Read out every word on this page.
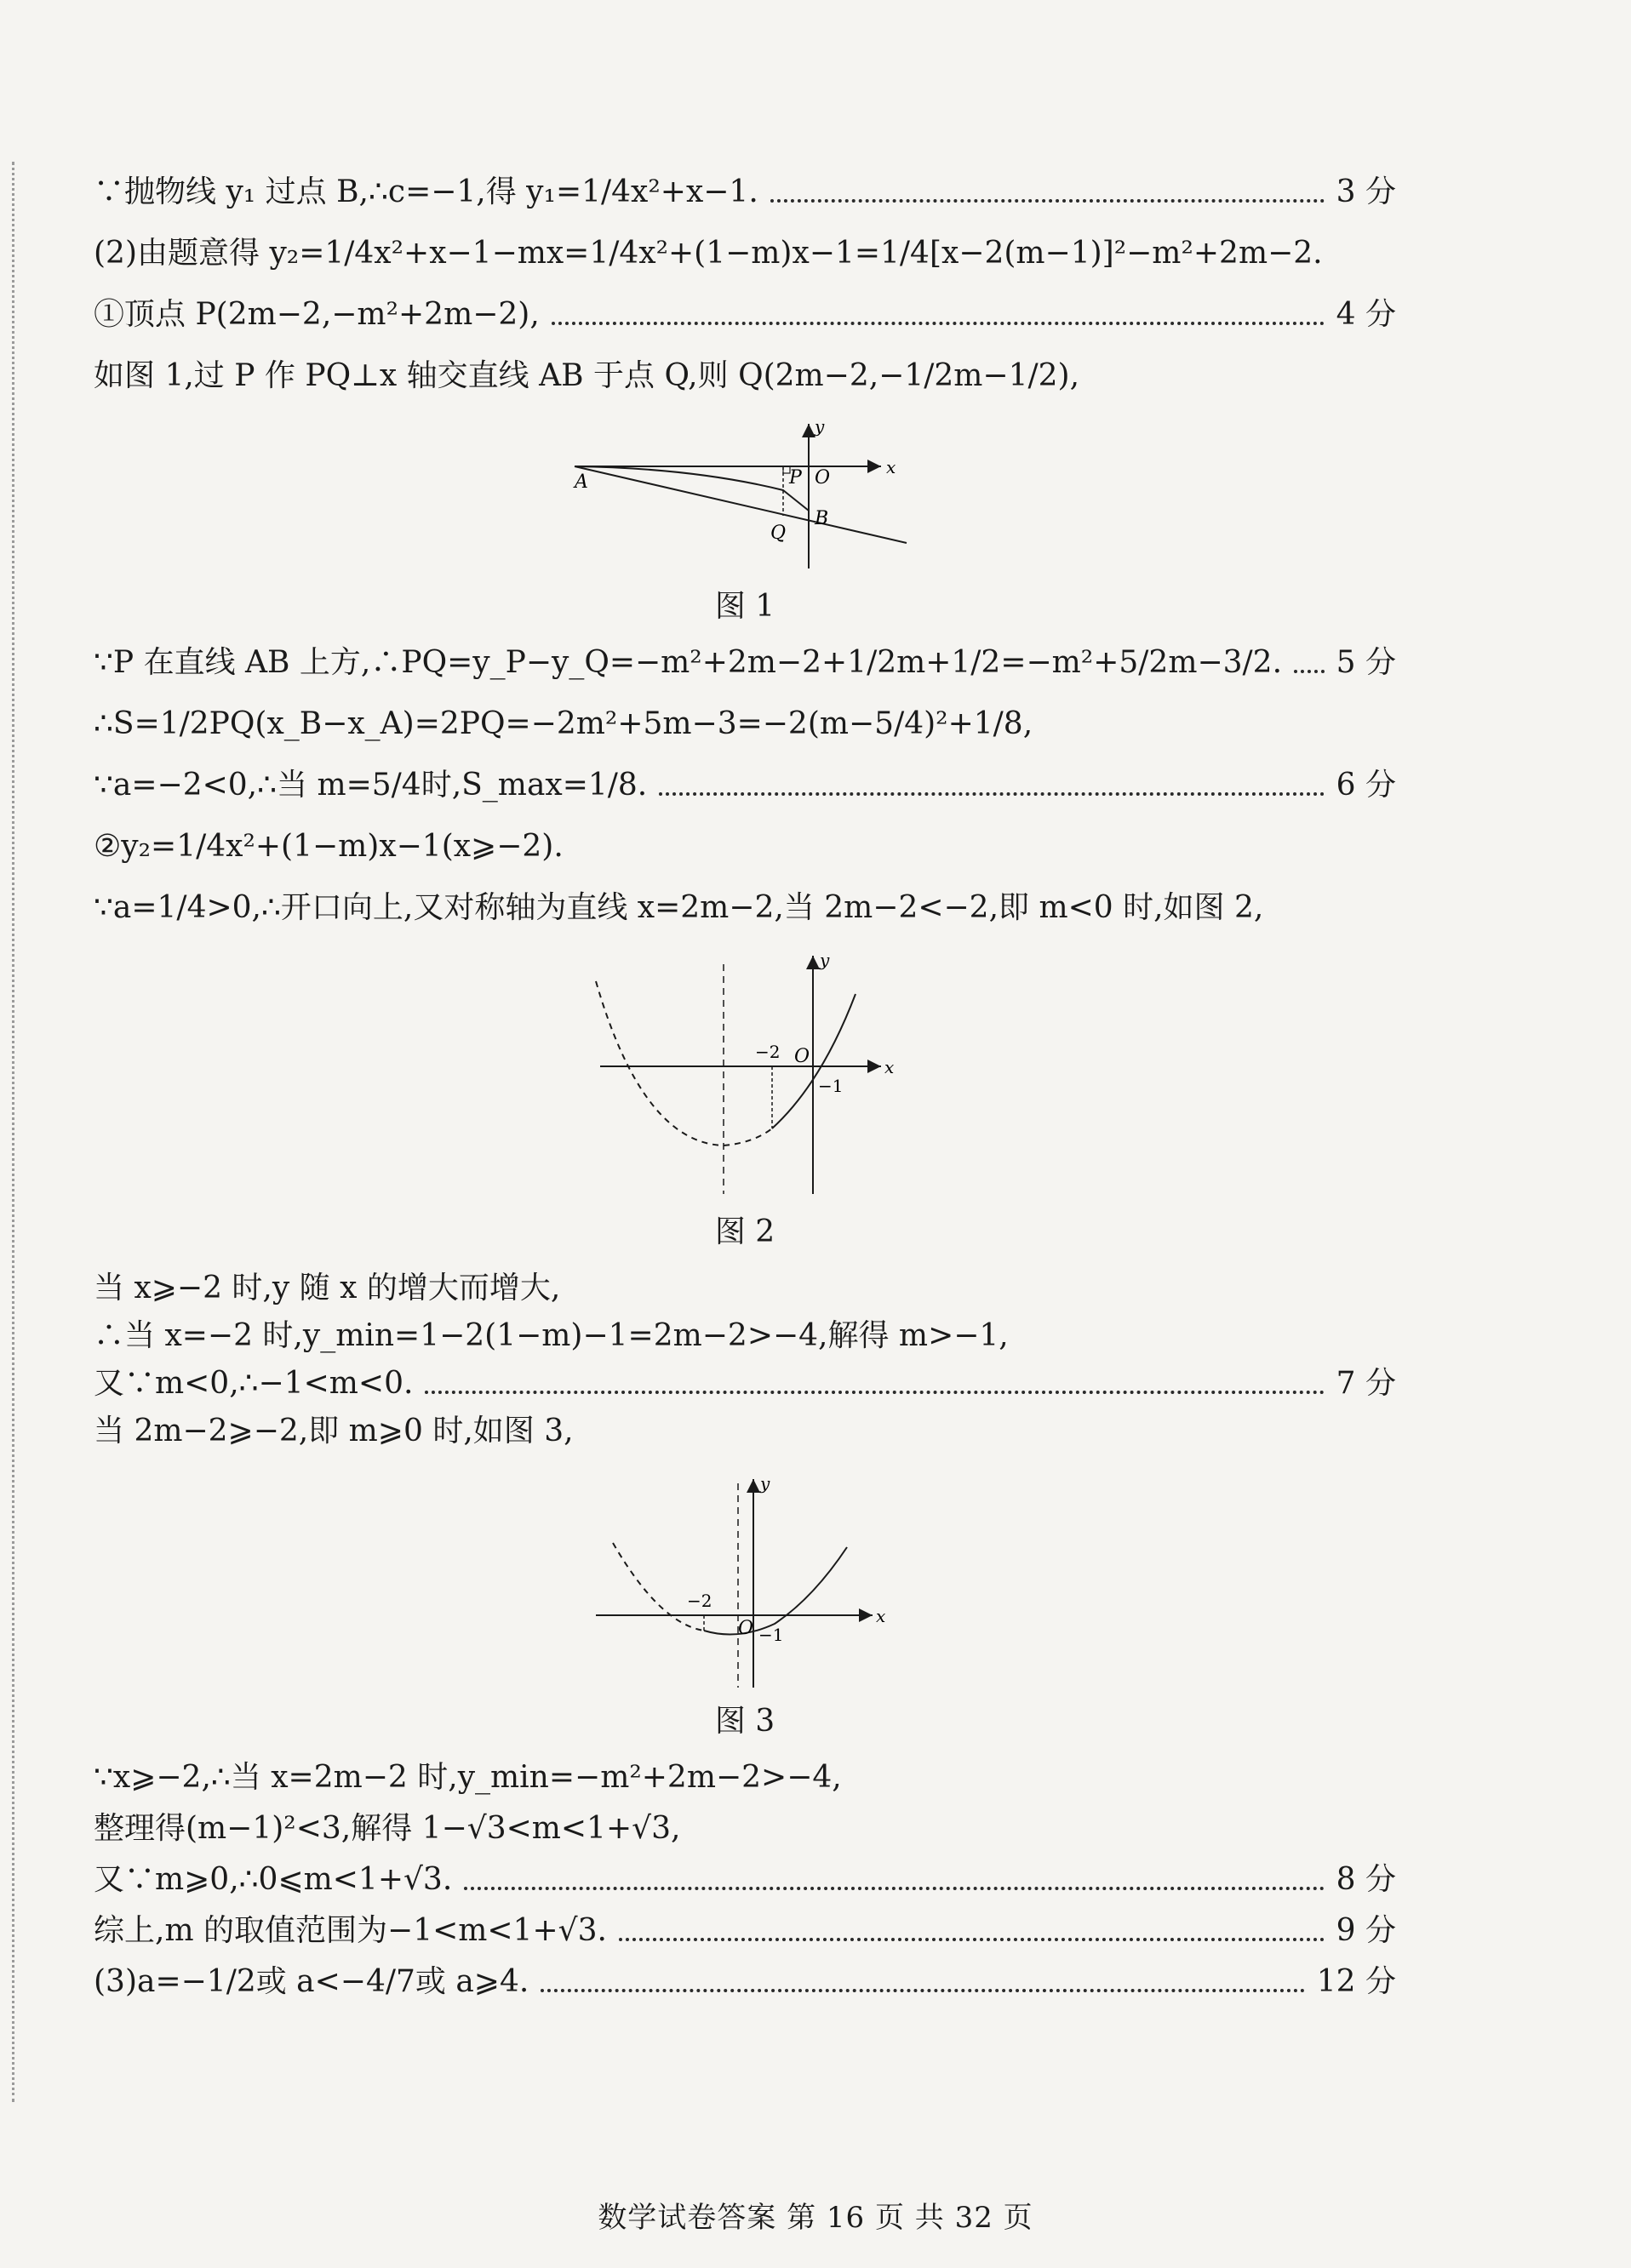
∵抛物线 y₁ 过点 B,∴c=−1,得 y₁=1/4x²+x−1.	3 分
(2)由题意得 y₂=1/4x²+x−1−mx=1/4x²+(1−m)x−1=1/4[x−2(m−1)]²−m²+2m−2.
①顶点 P(2m−2,−m²+2m−2),	4 分
如图 1,过 P 作 PQ⊥x 轴交直线 AB 于点 Q,则 Q(2m−2,−1/2m−1/2),
A	P O
Q
B
x
y
图 1
∵P 在直线 AB 上方,∴PQ=y_P−y_Q=−m²+2m−2+1/2m+1/2=−m²+5/2m−3/2. 5 分
∴S=1/2PQ(x_B−x_A)=2PQ=−2m²+5m−3=−2(m−5/4)²+1/8,
∵a=−2<0,∴当 m=5/4时,S_max=1/8.	6 分
②y₂=1/4x²+(1−m)x−1(x⩾−2).
∵a=1/4>0,∴开口向上,又对称轴为直线 x=2m−2,当 2m−2<−2,即 m<0 时,如图 2,
−2 O
−1
x
y
图 2
当 x⩾−2 时,y 随 x 的增大而增大,
∴当 x=−2 时,y_min=1−2(1−m)−1=2m−2>−4,解得 m>−1,
又∵m<0,∴−1<m<0.	7 分
当 2m−2⩾−2,即 m⩾0 时,如图 3,
−2
O −1
x
y
图 3
∵x⩾−2,∴当 x=2m−2 时,y_min=−m²+2m−2>−4,
整理得(m−1)²<3,解得 1−√3<m<1+√3,
又∵m⩾0,∴0⩽m<1+√3.	8 分
综上,m 的取值范围为−1<m<1+√3.	9 分
(3)a=−1/2或 a<−4/7或 a⩾4.	12 分
数学试卷答案 第 16 页 共 32 页
